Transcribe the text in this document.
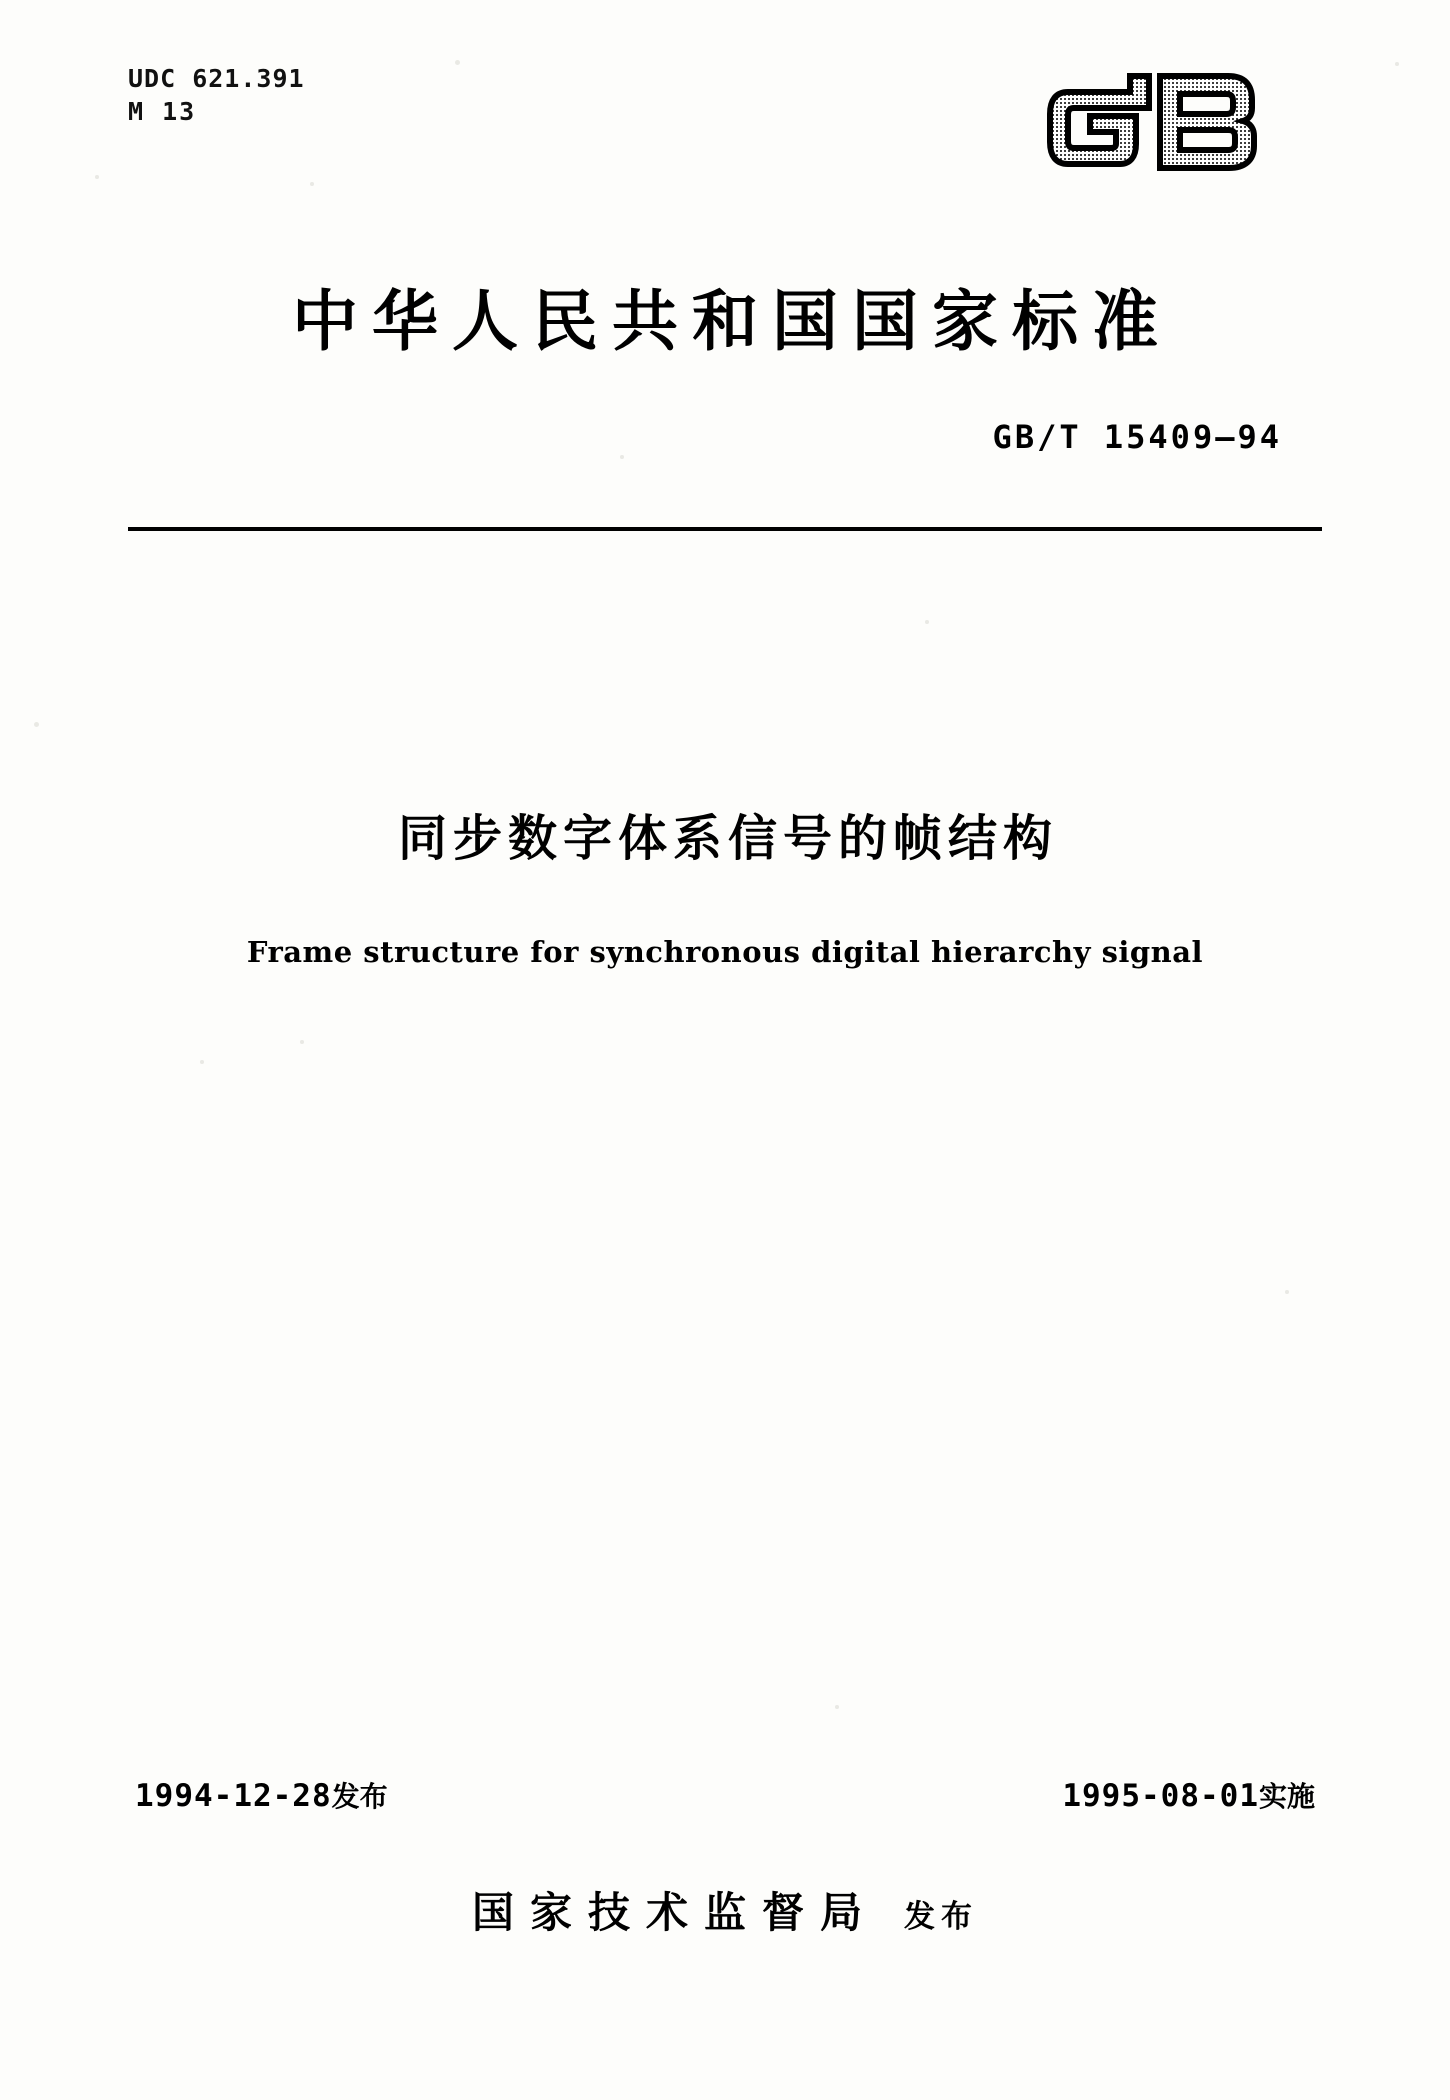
UDC 621.391
M 13
中华人民共和国国家标准
GB/T 15409—94
同步数字体系信号的帧结构
Frame structure for synchronous digital hierarchy signal
1994-12-28发布	1995-08-01实施
国家技术监督局 发布
